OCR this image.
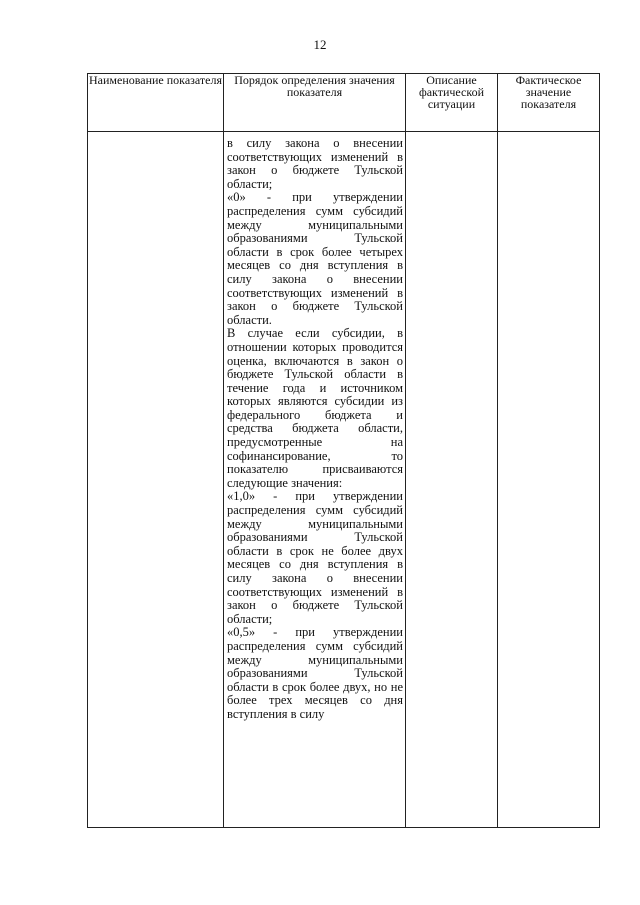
12
Наименование показателя	Порядок определения значения показателя	Описание фактической ситуации	Фактическое значение показателя

	в силу закона о внесении соответствующих изменений в закон о бюджете Тульской области;
«0» - при утверждении распределения сумм субсидий между муниципальными образованиями Тульской области в срок более четырех месяцев со дня вступления в силу закона о внесении соответствующих изменений в закон о бюджете Тульской области.
В случае если субсидии, в отношении которых проводится оценка, включаются в закон о бюджете Тульской области в течение года и источником которых являются субсидии из федерального бюджета и средства бюджета области, предусмотренные на софинансирование, то показателю присваиваются следующие значения:
«1,0» - при утверждении распределения сумм субсидий между муниципальными образованиями Тульской области в срок не более двух месяцев со дня вступления в силу закона о внесении соответствующих изменений в закон о бюджете Тульской области;
«0,5» - при утверждении распределения сумм субсидий между муниципальными образованиями Тульской области в срок более двух, но не более трех месяцев со дня вступления в силу		
